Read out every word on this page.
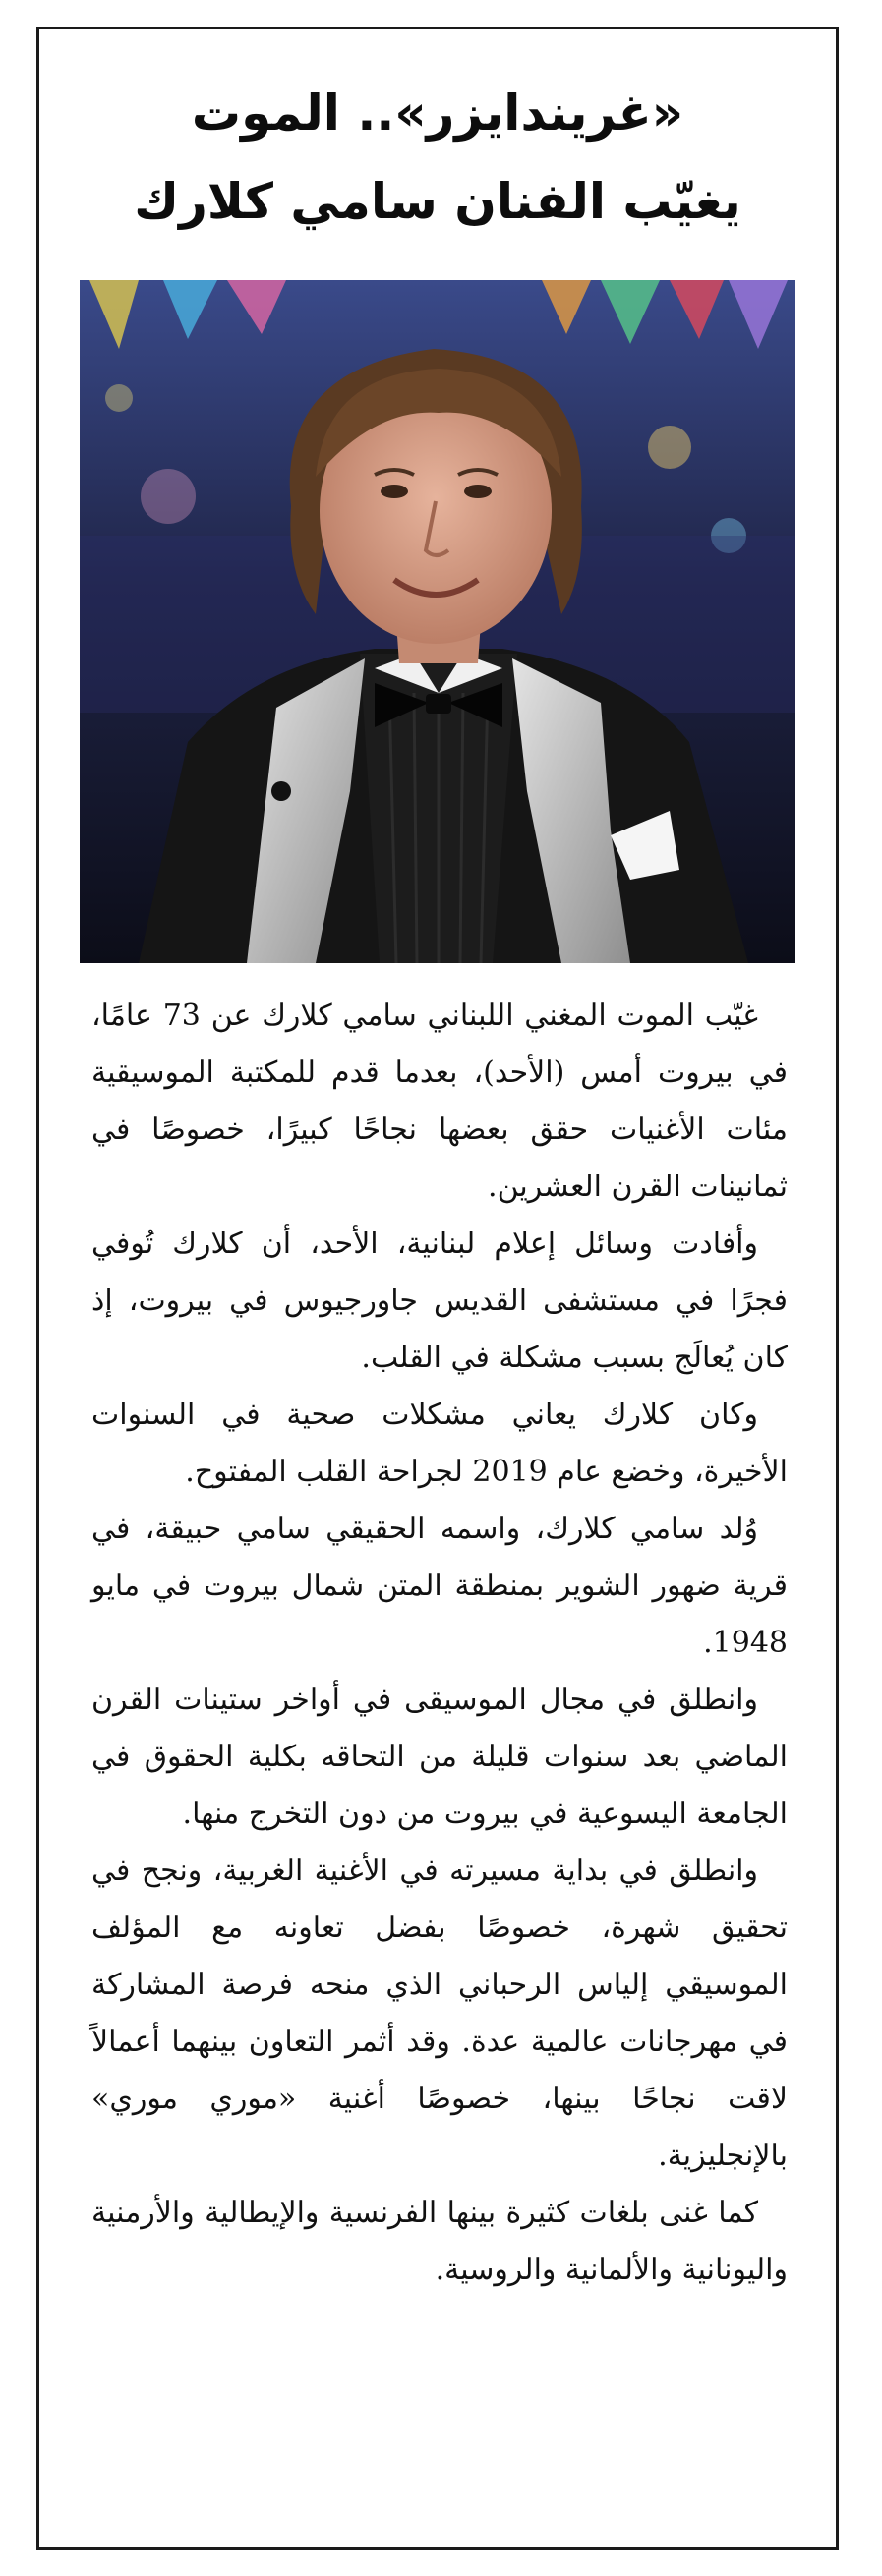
«غريندايزر».. الموت
يغيّب الفنان سامي كلارك

غيّب الموت المغني اللبناني سامي كلارك عن 73 عامًا، في بيروت أمس (الأحد)، بعدما قدم للمكتبة الموسيقية مئات الأغنيات حقق بعضها نجاحًا كبيرًا، خصوصًا في ثمانينات القرن العشرين.

وأفادت وسائل إعلام لبنانية، الأحد، أن كلارك تُوفي فجرًا في مستشفى القديس جاورجيوس في بيروت، إذ كان يُعالَج بسبب مشكلة في القلب.

وكان كلارك يعاني مشكلات صحية في السنوات الأخيرة، وخضع عام 2019 لجراحة القلب المفتوح.

وُلد سامي كلارك، واسمه الحقيقي سامي حبيقة، في قرية ضهور الشوير بمنطقة المتن شمال بيروت في مايو 1948.

وانطلق في مجال الموسيقى في أواخر ستينات القرن الماضي بعد سنوات قليلة من التحاقه بكلية الحقوق في الجامعة اليسوعية في بيروت من دون التخرج منها.

وانطلق في بداية مسيرته في الأغنية الغربية، ونجح في تحقيق شهرة، خصوصًا بفضل تعاونه مع المؤلف الموسيقي إلياس الرحباني الذي منحه فرصة المشاركة في مهرجانات عالمية عدة. وقد أثمر التعاون بينهما أعمالاً لاقت نجاحًا بينها، خصوصًا أغنية «موري موري» بالإنجليزية.

كما غنى بلغات كثيرة بينها الفرنسية والإيطالية والأرمنية واليونانية والألمانية والروسية.
